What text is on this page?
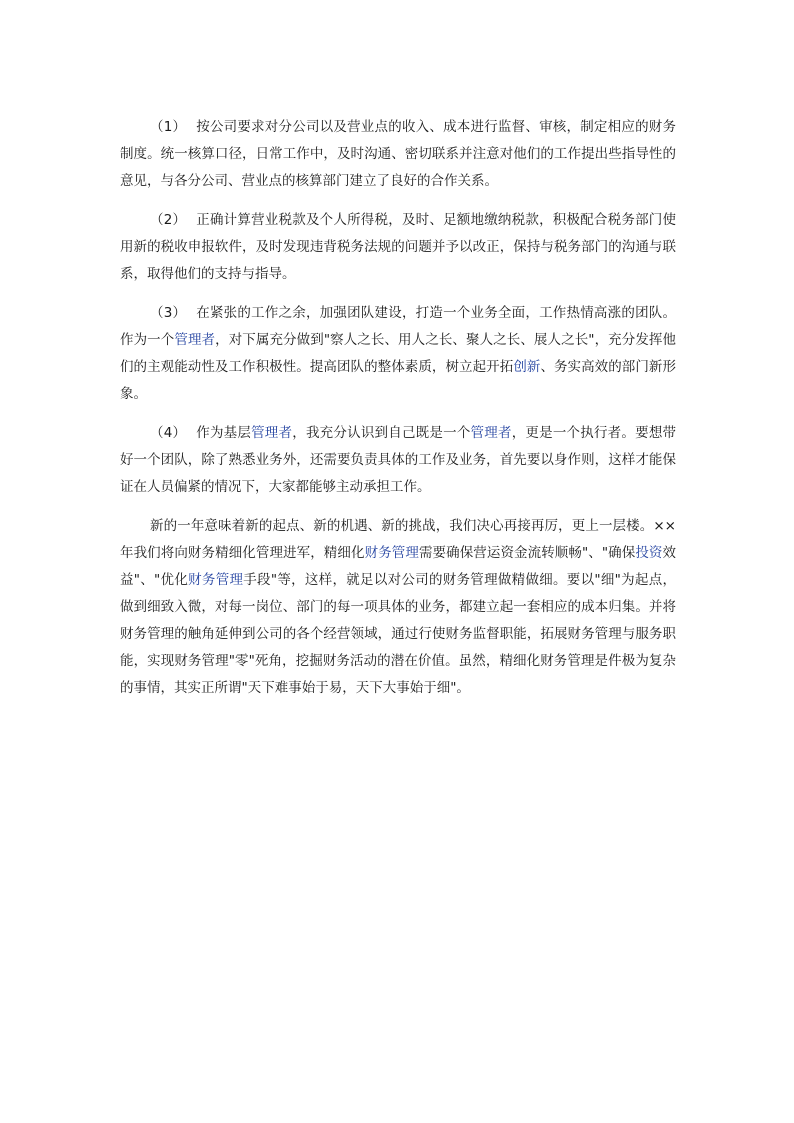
（1） 按公司要求对分公司以及营业点的收入、成本进行监督、审核，制定相应的财务制度。统一核算口径，日常工作中，及时沟通、密切联系并注意对他们的工作提出些指导性的意见，与各分公司、营业点的核算部门建立了良好的合作关系。

（2） 正确计算营业税款及个人所得税，及时、足额地缴纳税款，积极配合税务部门使用新的税收申报软件，及时发现违背税务法规的问题并予以改正，保持与税务部门的沟通与联系，取得他们的支持与指导。

（3） 在紧张的工作之余，加强团队建设，打造一个业务全面，工作热情高涨的团队。作为一个管理者，对下属充分做到"察人之长、用人之长、聚人之长、展人之长"，充分发挥他们的主观能动性及工作积极性。提高团队的整体素质，树立起开拓创新、务实高效的部门新形象。

（4） 作为基层管理者，我充分认识到自己既是一个管理者，更是一个执行者。要想带好一个团队，除了熟悉业务外，还需要负责具体的工作及业务，首先要以身作则，这样才能保证在人员偏紧的情况下，大家都能够主动承担工作。

新的一年意味着新的起点、新的机遇、新的挑战，我们决心再接再厉，更上一层楼。××年我们将向财务精细化管理进军，精细化财务管理需要确保营运资金流转顺畅"、"确保投资效益"、"优化财务管理手段"等，这样，就足以对公司的财务管理做精做细。要以"细"为起点，做到细致入微，对每一岗位、部门的每一项具体的业务，都建立起一套相应的成本归集。并将财务管理的触角延伸到公司的各个经营领域，通过行使财务监督职能，拓展财务管理与服务职能，实现财务管理"零"死角，挖掘财务活动的潜在价值。虽然，精细化财务管理是件极为复杂的事情，其实正所谓"天下难事始于易，天下大事始于细"。
